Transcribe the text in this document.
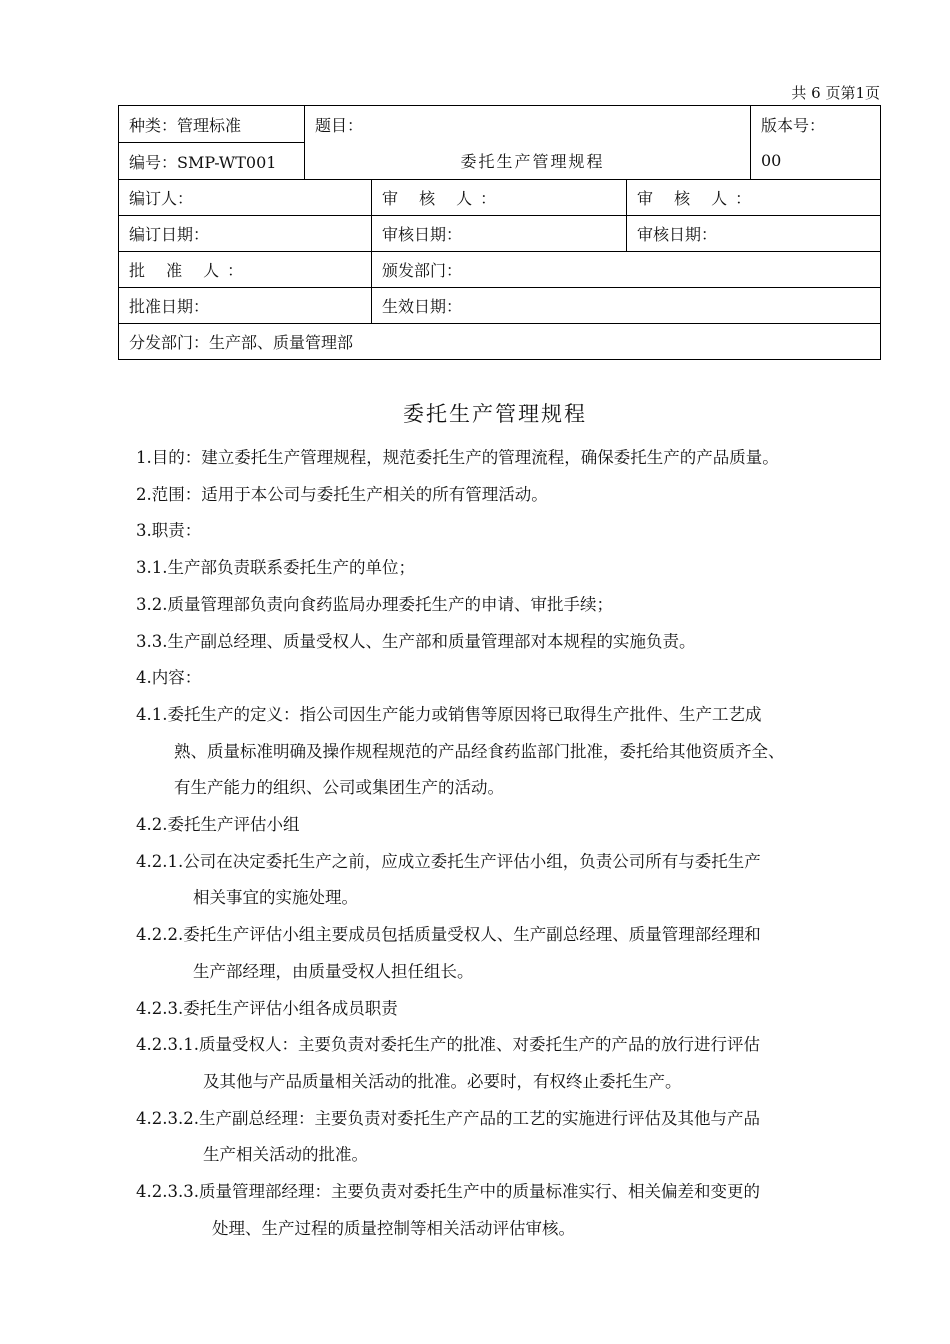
共 6 页第1页
种类：管理标准	题目：			版本号：
编号：SMP-WT001	委托生产管理规程			00
编订人：		审 核 人：	审 核 人：	
编订日期：		审核日期：	审核日期：	
批 准 人：		颁发部门：		
批准日期：		生效日期：		
分发部门：生产部、质量管理部				
委托生产管理规程
1.目的：建立委托生产管理规程，规范委托生产的管理流程，确保委托生产的产品质量。
2.范围：适用于本公司与委托生产相关的所有管理活动。
3.职责：
3.1.生产部负责联系委托生产的单位；
3.2.质量管理部负责向食药监局办理委托生产的申请、审批手续；
3.3.生产副总经理、质量受权人、生产部和质量管理部对本规程的实施负责。
4.内容：
4.1.委托生产的定义：指公司因生产能力或销售等原因将已取得生产批件、生产工艺成
熟、质量标准明确及操作规程规范的产品经食药监部门批准，委托给其他资质齐全、
有生产能力的组织、公司或集团生产的活动。
4.2.委托生产评估小组
4.2.1.公司在决定委托生产之前，应成立委托生产评估小组，负责公司所有与委托生产
相关事宜的实施处理。
4.2.2.委托生产评估小组主要成员包括质量受权人、生产副总经理、质量管理部经理和
生产部经理，由质量受权人担任组长。
4.2.3.委托生产评估小组各成员职责
4.2.3.1.质量受权人：主要负责对委托生产的批准、对委托生产的产品的放行进行评估
及其他与产品质量相关活动的批准。必要时，有权终止委托生产。
4.2.3.2.生产副总经理：主要负责对委托生产产品的工艺的实施进行评估及其他与产品
生产相关活动的批准。
4.2.3.3.质量管理部经理：主要负责对委托生产中的质量标准实行、相关偏差和变更的
处理、生产过程的质量控制等相关活动评估审核。
